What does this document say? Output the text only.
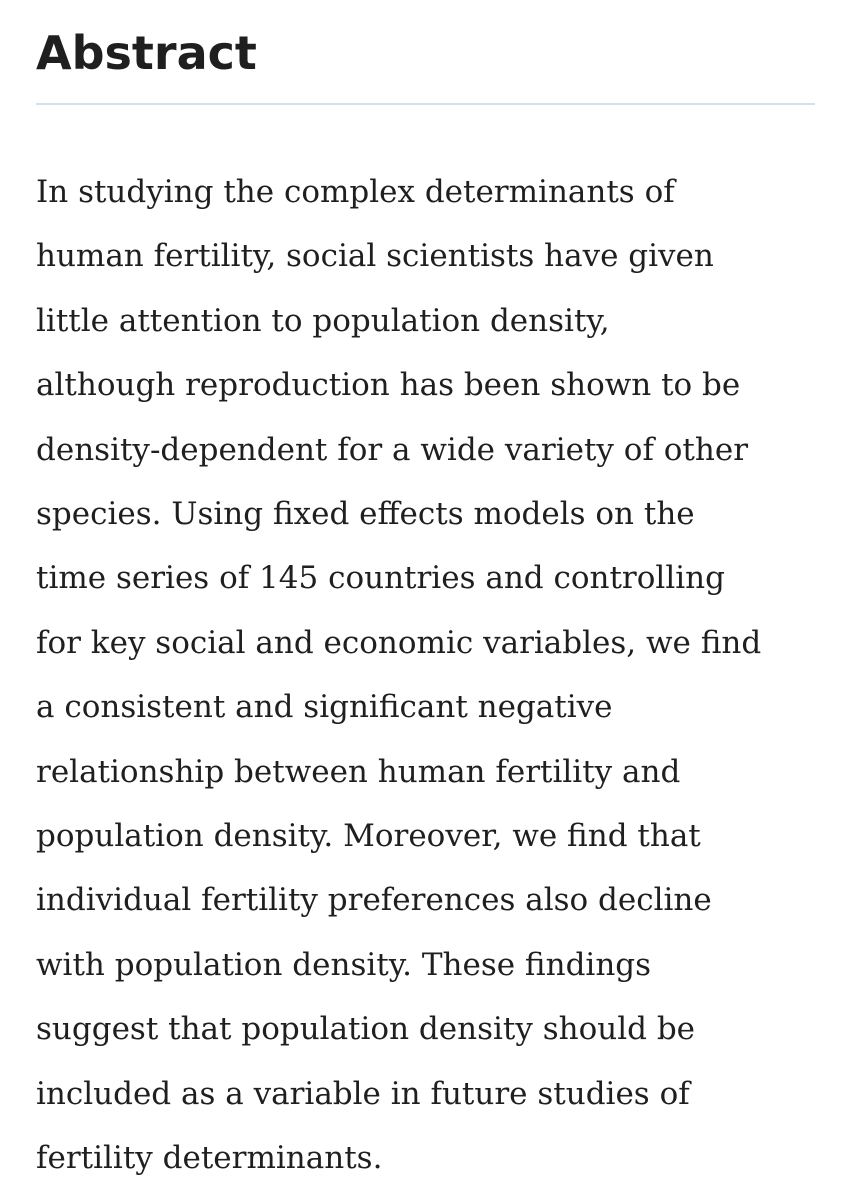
Abstract
In studying the complex determinants of
human fertility, social scientists have given
little attention to population density,
although reproduction has been shown to be
density-dependent for a wide variety of other
species. Using fixed effects models on the
time series of 145 countries and controlling
for key social and economic variables, we find
a consistent and significant negative
relationship between human fertility and
population density. Moreover, we find that
individual fertility preferences also decline
with population density. These findings
suggest that population density should be
included as a variable in future studies of
fertility determinants.
